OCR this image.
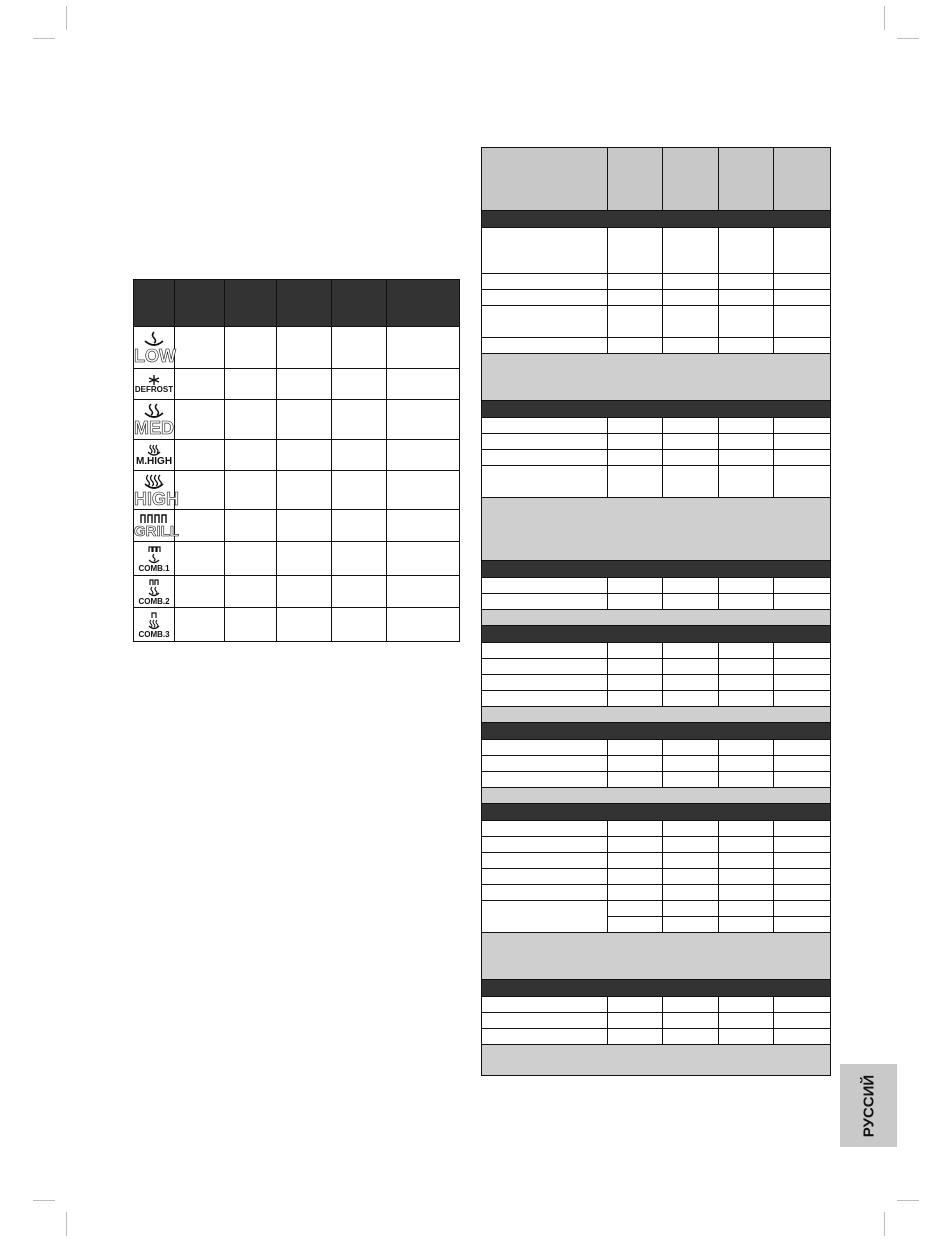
LOW					

DEFROST					

MED					

M.HIGH					

HIGH					

GRILL					

COMB.1					

COMB.2					

COMB.3					

РУССИЙ
